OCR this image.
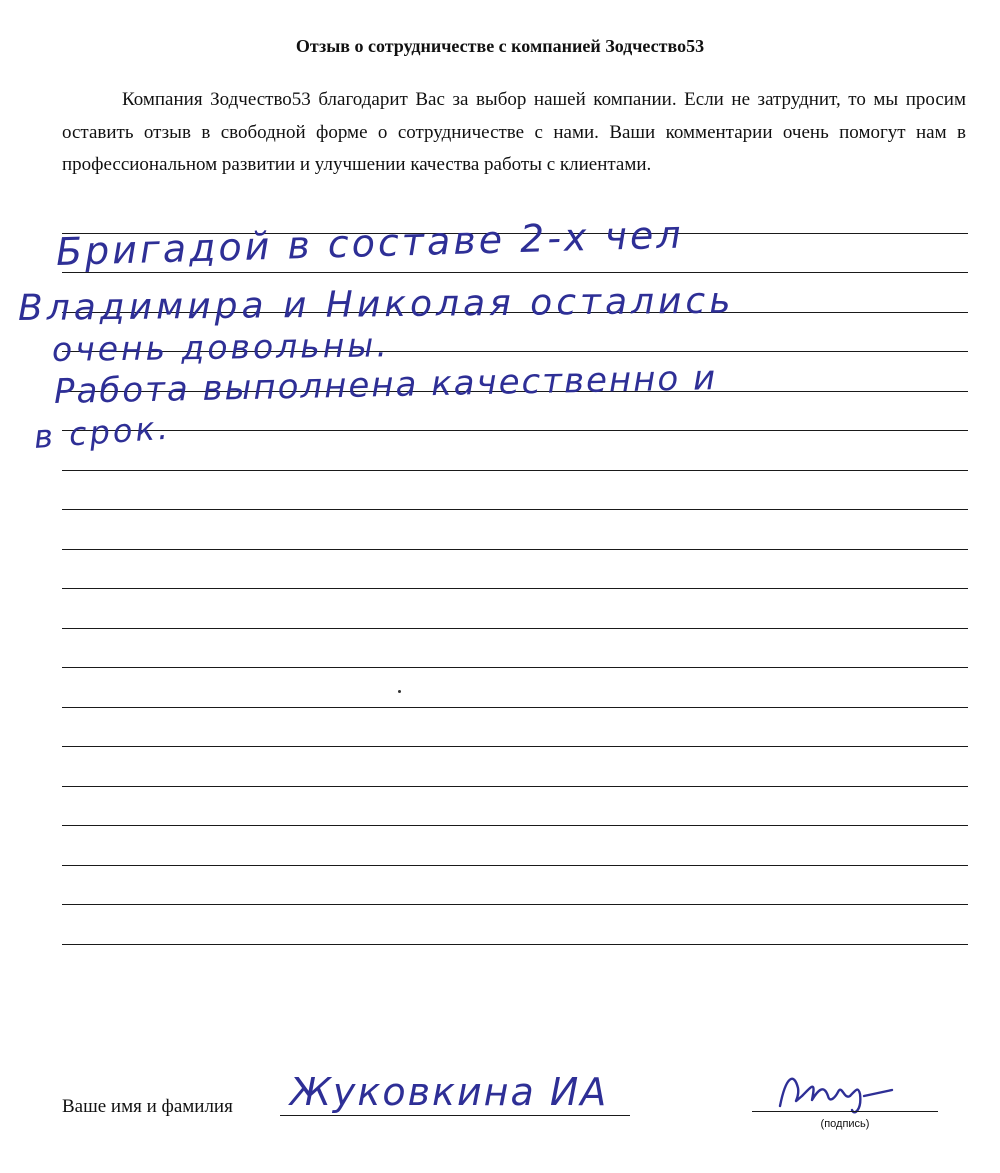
Отзыв о сотрудничестве с компанией Зодчество53

Компания Зодчество53 благодарит Вас за выбор нашей компании. Если не затруднит, то мы просим оставить отзыв в свободной форме о сотрудничестве с нами. Ваши комментарии очень помогут нам в профессиональном развитии и улучшении качества работы с клиентами.

Бригадой в составе 2-х чел
Владимира и Николая остались
очень довольны.
Работа выполнена качественно и
в срок.
Ваше имя и фамилия Жуковкина ИА
(подпись)
